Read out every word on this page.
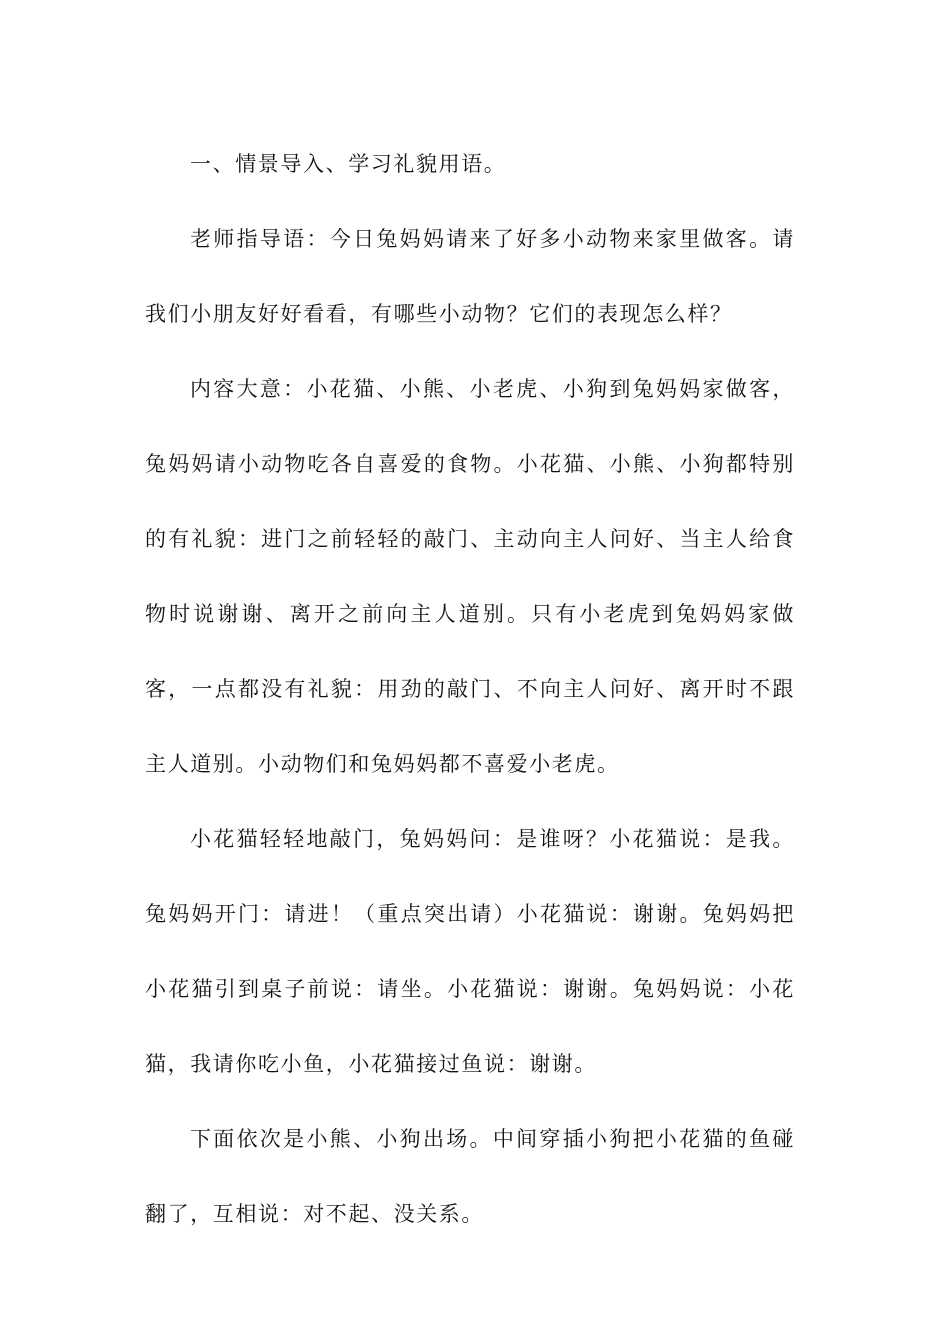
一、情景导入、学习礼貌用语。

老师指导语：今日兔妈妈请来了好多小动物来家里做客。请我们小朋友好好看看，有哪些小动物？它们的表现怎么样？

内容大意：小花猫、小熊、小老虎、小狗到兔妈妈家做客，兔妈妈请小动物吃各自喜爱的食物。小花猫、小熊、小狗都特别的有礼貌：进门之前轻轻的敲门、主动向主人问好、当主人给食物时说谢谢、离开之前向主人道别。只有小老虎到兔妈妈家做客，一点都没有礼貌：用劲的敲门、不向主人问好、离开时不跟主人道别。小动物们和兔妈妈都不喜爱小老虎。

小花猫轻轻地敲门，兔妈妈问：是谁呀？小花猫说：是我。兔妈妈开门：请进！（重点突出请）小花猫说：谢谢。兔妈妈把小花猫引到桌子前说：请坐。小花猫说：谢谢。兔妈妈说：小花猫，我请你吃小鱼，小花猫接过鱼说：谢谢。

下面依次是小熊、小狗出场。中间穿插小狗把小花猫的鱼碰翻了，互相说：对不起、没关系。
